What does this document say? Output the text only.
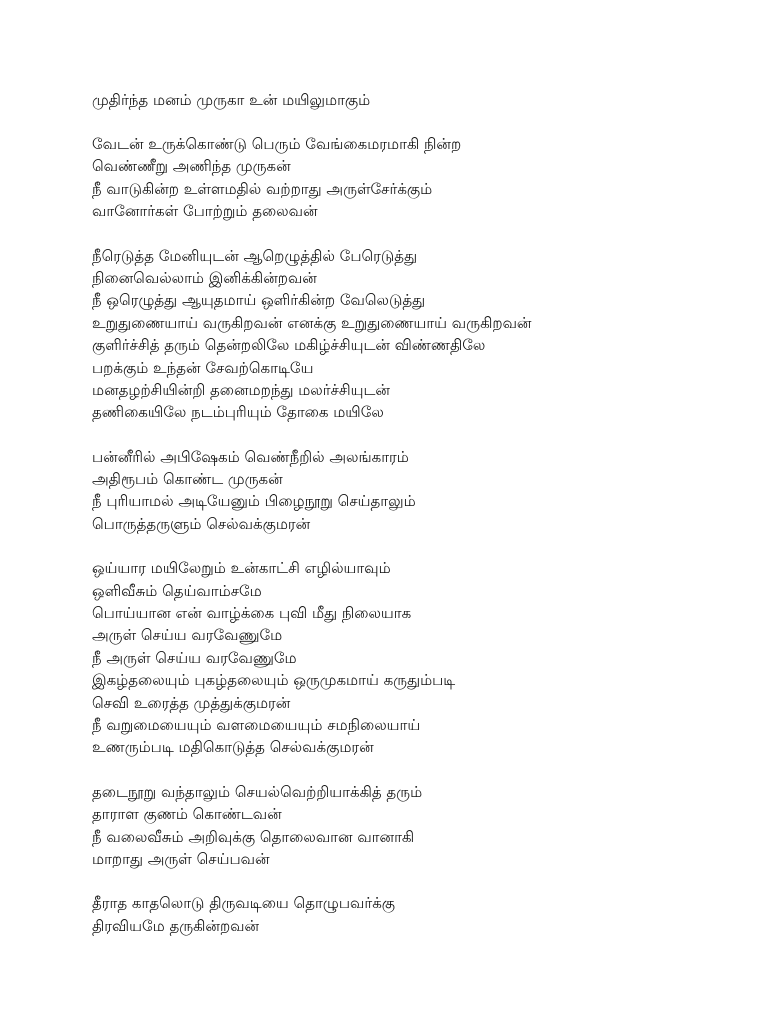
முதிர்ந்த மனம் முருகா உன் மயிலுமாகும்
வேடன் உருக்கொண்டு பெரும் வேங்கைமரமாகி நின்ற
வெண்ணீறு அணிந்த முருகன்
நீ வாடுகின்ற உள்ளமதில் வற்றாது அருள்சேர்க்கும்
வானோர்கள் போற்றும் தலைவன்
நீரெடுத்த மேனியுடன் ஆறெழுத்தில் பேரெடுத்து
நினைவெல்லாம் இனிக்கின்றவன்
நீ ஒரெழுத்து ஆயுதமாய் ஒளிர்கின்ற வேலெடுத்து
உறுதுணையாய் வருகிறவன் எனக்கு உறுதுணையாய் வருகிறவன்
குளிர்ச்சித் தரும் தென்றலிலே மகிழ்ச்சியுடன் விண்ணதிலே
பறக்கும் உந்தன் சேவற்கொடியே
மனதழற்சியின்றி தனைமறந்து மலர்ச்சியுடன்
தணிகையிலே நடம்புரியும் தோகை மயிலே
பன்னீரில் அபிஷேகம் வெண்நீறில் அலங்காரம்
அதிரூபம் கொண்ட முருகன்
நீ புரியாமல் அடியேனும் பிழைநூறு செய்தாலும்
பொருத்தருளும் செல்வக்குமரன்
ஒய்யார மயிலேறும் உன்காட்சி எழில்யாவும்
ஒளிவீசும் தெய்வாம்சமே
பொய்யான என் வாழ்க்கை புவி மீது நிலையாக
அருள் செய்ய வரவேணுமே
நீ அருள் செய்ய வரவேணுமே
இகழ்தலையும் புகழ்தலையும் ஒருமுகமாய் கருதும்படி
செவி உரைத்த முத்துக்குமரன்
நீ வறுமையையும் வளமையையும் சமநிலையாய்
உணரும்படி மதிகொடுத்த செல்வக்குமரன்
தடைநூறு வந்தாலும் செயல்வெற்றியாக்கித் தரும்
தாராள குணம் கொண்டவன்
நீ வலைவீசும் அறிவுக்கு தொலைவான வானாகி
மாறாது அருள் செய்பவன்
தீராத காதலொடு திருவடியை தொழுபவர்க்கு
திரவியமே தருகின்றவன்
